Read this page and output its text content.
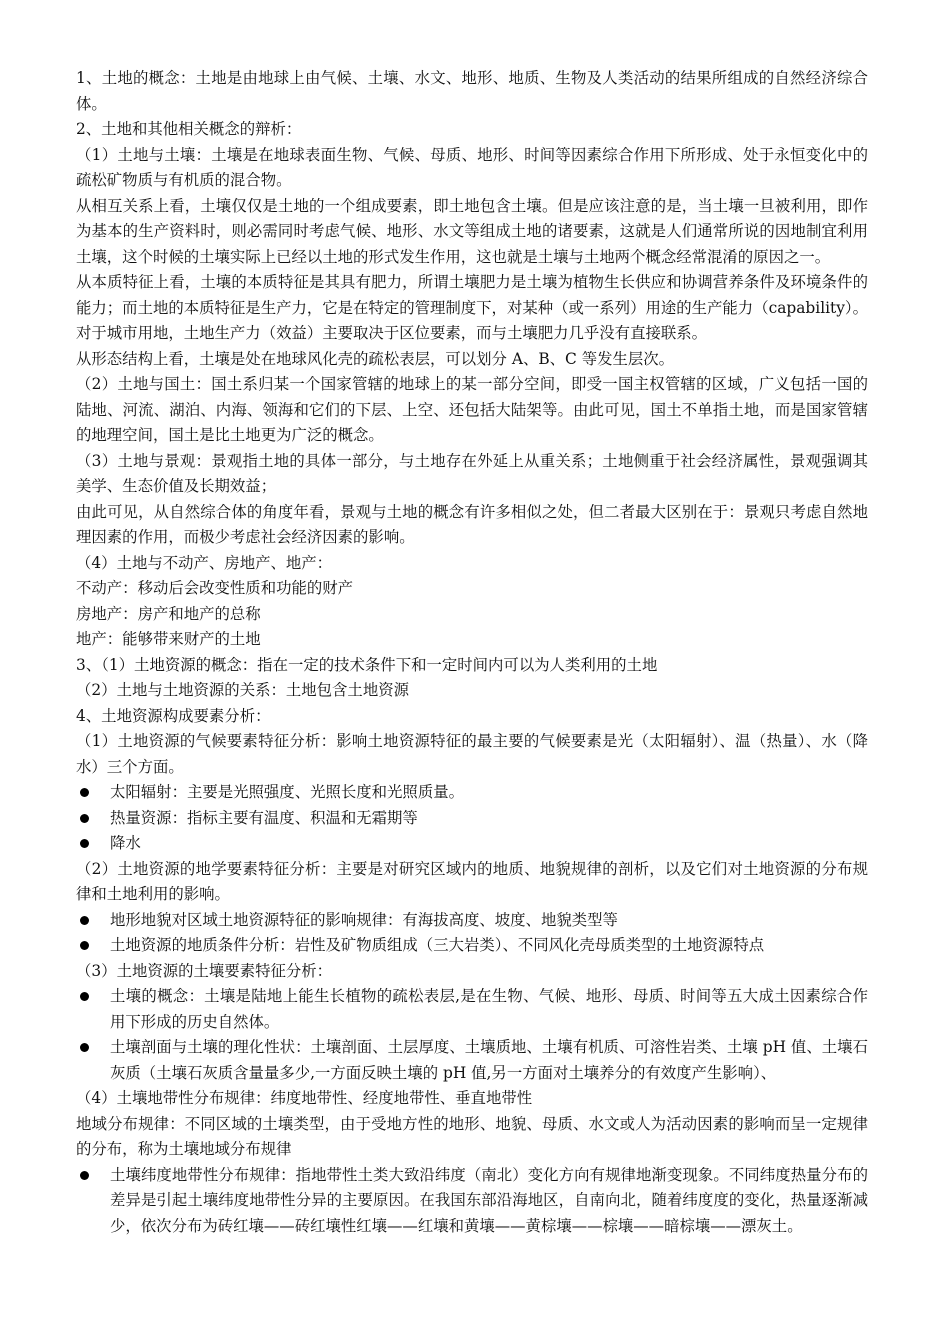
1、土地的概念：土地是由地球上由气候、土壤、水文、地形、地质、生物及人类活动的结果所组成的自然经济综合体。

2、土地和其他相关概念的辩析：

（1）土地与土壤：土壤是在地球表面生物、气候、母质、地形、时间等因素综合作用下所形成、处于永恒变化中的疏松矿物质与有机质的混合物。

从相互关系上看，土壤仅仅是土地的一个组成要素，即土地包含土壤。但是应该注意的是，当土壤一旦被利用，即作为基本的生产资料时，则必需同时考虑气候、地形、水文等组成土地的诸要素，这就是人们通常所说的因地制宜利用土壤，这个时候的土壤实际上已经以土地的形式发生作用，这也就是土壤与土地两个概念经常混淆的原因之一。

从本质特征上看，土壤的本质特征是其具有肥力，所谓土壤肥力是土壤为植物生长供应和协调营养条件及环境条件的能力；而土地的本质特征是生产力，它是在特定的管理制度下，对某种（或一系列）用途的生产能力（capability）。对于城市用地，土地生产力（效益）主要取决于区位要素，而与土壤肥力几乎没有直接联系。

从形态结构上看，土壤是处在地球风化壳的疏松表层，可以划分 A、B、C 等发生层次。

（2）土地与国土：国土系归某一个国家管辖的地球上的某一部分空间，即受一国主权管辖的区域，广义包括一国的陆地、河流、湖泊、内海、领海和它们的下层、上空、还包括大陆架等。由此可见，国土不单指土地，而是国家管辖的地理空间，国土是比土地更为广泛的概念。

（3）土地与景观：景观指土地的具体一部分，与土地存在外延上从重关系；土地侧重于社会经济属性，景观强调其美学、生态价值及长期效益；

由此可见，从自然综合体的角度年看，景观与土地的概念有许多相似之处，但二者最大区别在于：景观只考虑自然地理因素的作用，而极少考虑社会经济因素的影响。

（4）土地与不动产、房地产、地产：

不动产：移动后会改变性质和功能的财产

房地产：房产和地产的总称

地产：能够带来财产的土地

3、（1）土地资源的概念：指在一定的技术条件下和一定时间内可以为人类利用的土地

（2）土地与土地资源的关系：土地包含土地资源

4、土地资源构成要素分析：

（1）土地资源的气候要素特征分析：影响土地资源特征的最主要的气候要素是光（太阳辐射）、温（热量）、水（降水）三个方面。

太阳辐射：主要是光照强度、光照长度和光照质量。
热量资源：指标主要有温度、积温和无霜期等
降水

（2）土地资源的地学要素特征分析：主要是对研究区域内的地质、地貌规律的剖析，以及它们对土地资源的分布规律和土地利用的影响。

地形地貌对区域土地资源特征的影响规律：有海拔高度、坡度、地貌类型等
土地资源的地质条件分析：岩性及矿物质组成（三大岩类）、不同风化壳母质类型的土地资源特点

（3）土地资源的土壤要素特征分析：

土壤的概念：土壤是陆地上能生长植物的疏松表层,是在生物、气候、地形、母质、时间等五大成土因素综合作用下形成的历史自然体。
土壤剖面与土壤的理化性状：土壤剖面、土层厚度、土壤质地、土壤有机质、可溶性岩类、土壤 pH 值、土壤石灰质（土壤石灰质含量量多少,一方面反映土壤的 pH 值,另一方面对土壤养分的有效度产生影响）、

（4）土壤地带性分布规律：纬度地带性、经度地带性、垂直地带性

地域分布规律：不同区域的土壤类型，由于受地方性的地形、地貌、母质、水文或人为活动因素的影响而呈一定规律的分布，称为土壤地域分布规律

土壤纬度地带性分布规律：指地带性土类大致沿纬度（南北）变化方向有规律地渐变现象。不同纬度热量分布的差异是引起土壤纬度地带性分异的主要原因。在我国东部沿海地区，自南向北，随着纬度度的变化，热量逐渐减少，依次分布为砖红壤——砖红壤性红壤——红壤和黄壤——黄棕壤——棕壤——暗棕壤——漂灰土。
